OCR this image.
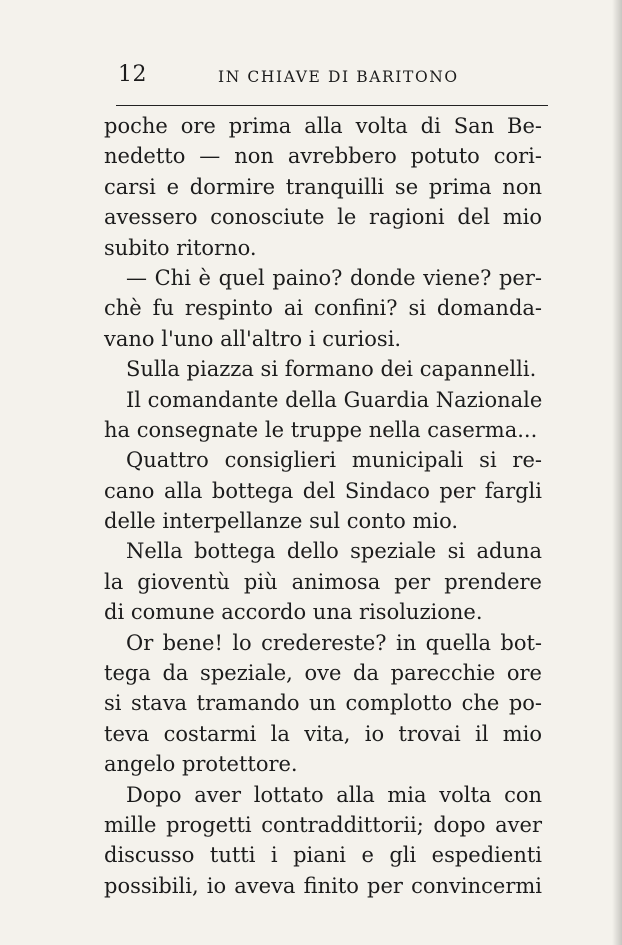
12	IN CHIAVE DI BARITONO
poche ore prima alla volta di San Be-
nedetto — non avrebbero potuto cori-
carsi e dormire tranquilli se prima non
avessero conosciute le ragioni del mio
subito ritorno.
— Chi è quel paino? donde viene? per-
chè fu respinto ai confini? si domanda-
vano l'uno all'altro i curiosi.
Sulla piazza si formano dei capannelli.
Il comandante della Guardia Nazionale
ha consegnate le truppe nella caserma...
Quattro consiglieri municipali si re-
cano alla bottega del Sindaco per fargli
delle interpellanze sul conto mio.
Nella bottega dello speziale si aduna
la gioventù più animosa per prendere
di comune accordo una risoluzione.
Or bene! lo credereste? in quella bot-
tega da speziale, ove da parecchie ore
si stava tramando un complotto che po-
teva costarmi la vita, io trovai il mio
angelo protettore.
Dopo aver lottato alla mia volta con
mille progetti contraddittorii; dopo aver
discusso tutti i piani e gli espedienti
possibili, io aveva finito per convincermi
